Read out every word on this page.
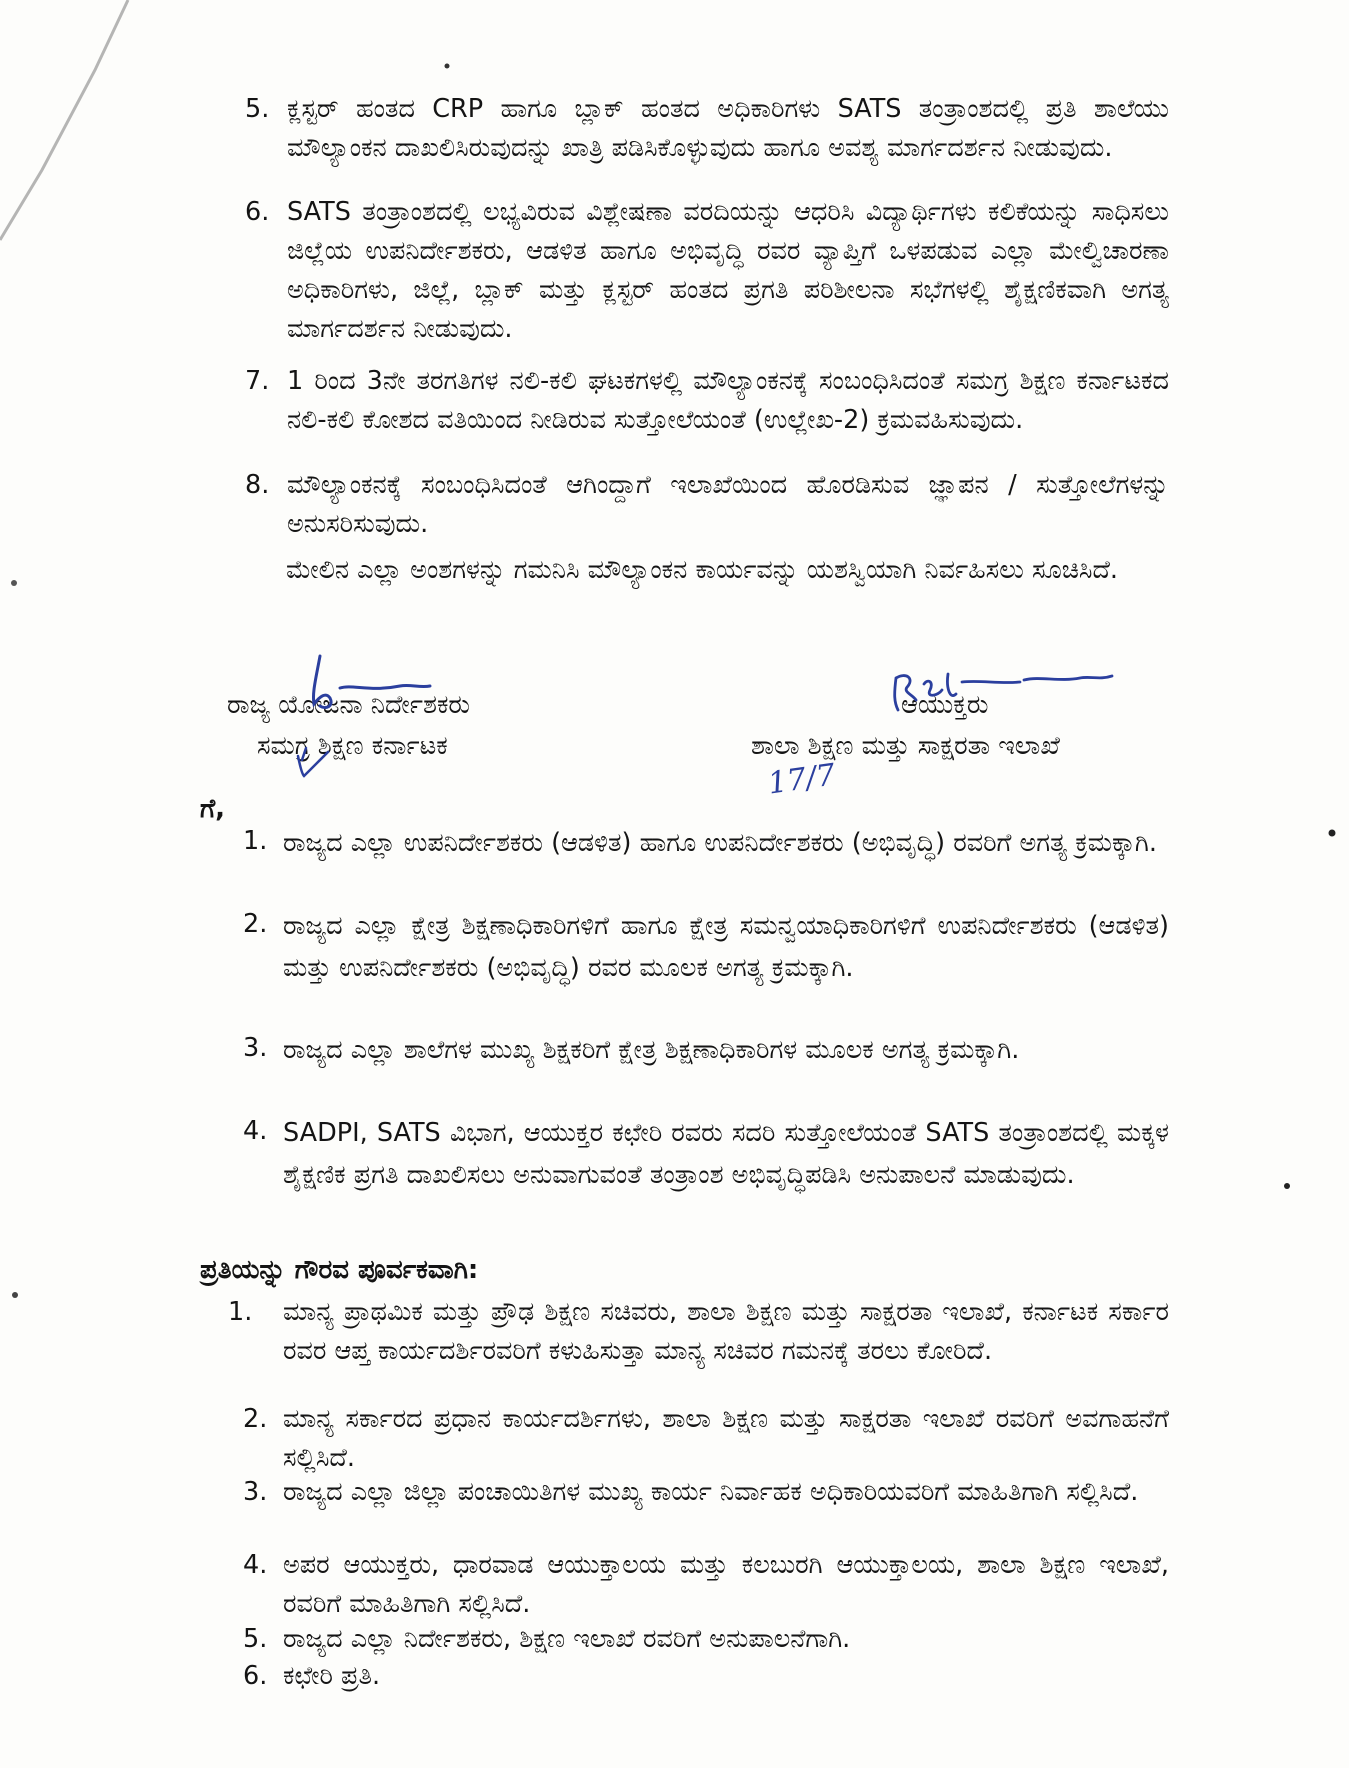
5. ಕ್ಲಸ್ಟರ್ ಹಂತದ CRP ಹಾಗೂ ಬ್ಲಾಕ್ ಹಂತದ ಅಧಿಕಾರಿಗಳು SATS ತಂತ್ರಾಂಶದಲ್ಲಿ ಪ್ರತಿ ಶಾಲೆಯು ಮೌಲ್ಯಾಂಕನ ದಾಖಲಿಸಿರುವುದನ್ನು ಖಾತ್ರಿ ಪಡಿಸಿಕೊಳ್ಳುವುದು ಹಾಗೂ ಅವಶ್ಯ ಮಾರ್ಗದರ್ಶನ ನೀಡುವುದು.
6. SATS ತಂತ್ರಾಂಶದಲ್ಲಿ ಲಭ್ಯವಿರುವ ವಿಶ್ಲೇಷಣಾ ವರದಿಯನ್ನು ಆಧರಿಸಿ ವಿದ್ಯಾರ್ಥಿಗಳು ಕಲಿಕೆಯನ್ನು ಸಾಧಿಸಲು ಜಿಲ್ಲೆಯ ಉಪನಿರ್ದೇಶಕರು, ಆಡಳಿತ ಹಾಗೂ ಅಭಿವೃದ್ಧಿ ರವರ ವ್ಯಾಪ್ತಿಗೆ ಒಳಪಡುವ ಎಲ್ಲಾ ಮೇಲ್ವಿಚಾರಣಾ ಅಧಿಕಾರಿಗಳು, ಜಿಲ್ಲೆ, ಬ್ಲಾಕ್ ಮತ್ತು ಕ್ಲಸ್ಟರ್ ಹಂತದ ಪ್ರಗತಿ ಪರಿಶೀಲನಾ ಸಭೆಗಳಲ್ಲಿ ಶೈಕ್ಷಣಿಕವಾಗಿ ಅಗತ್ಯ ಮಾರ್ಗದರ್ಶನ ನೀಡುವುದು.
7. 1 ರಿಂದ 3ನೇ ತರಗತಿಗಳ ನಲಿ-ಕಲಿ ಘಟಕಗಳಲ್ಲಿ ಮೌಲ್ಯಾಂಕನಕ್ಕೆ ಸಂಬಂಧಿಸಿದಂತೆ ಸಮಗ್ರ ಶಿಕ್ಷಣ ಕರ್ನಾಟಕದ ನಲಿ-ಕಲಿ ಕೋಶದ ವತಿಯಿಂದ ನೀಡಿರುವ ಸುತ್ತೋಲೆಯಂತೆ (ಉಲ್ಲೇಖ-2) ಕ್ರಮವಹಿಸುವುದು.
8. ಮೌಲ್ಯಾಂಕನಕ್ಕೆ ಸಂಬಂಧಿಸಿದಂತೆ ಆಗಿಂದ್ದಾಗೆ ಇಲಾಖೆಯಿಂದ ಹೊರಡಿಸುವ ಜ್ಞಾಪನ / ಸುತ್ತೋಲೆಗಳನ್ನು ಅನುಸರಿಸುವುದು.
ಮೇಲಿನ ಎಲ್ಲಾ ಅಂಶಗಳನ್ನು ಗಮನಿಸಿ ಮೌಲ್ಯಾಂಕನ ಕಾರ್ಯವನ್ನು ಯಶಸ್ವಿಯಾಗಿ ನಿರ್ವಹಿಸಲು ಸೂಚಿಸಿದೆ.
ರಾಜ್ಯ ಯೋಜನಾ ನಿರ್ದೇಶಕರು
ಸಮಗ್ರ ಶಿಕ್ಷಣ ಕರ್ನಾಟಕ
ಆಯುಕ್ತರು
ಶಾಲಾ ಶಿಕ್ಷಣ ಮತ್ತು ಸಾಕ್ಷರತಾ ಇಲಾಖೆ
17/7
ಗೆ,
1. ರಾಜ್ಯದ ಎಲ್ಲಾ ಉಪನಿರ್ದೇಶಕರು (ಆಡಳಿತ) ಹಾಗೂ ಉಪನಿರ್ದೇಶಕರು (ಅಭಿವೃದ್ಧಿ) ರವರಿಗೆ ಅಗತ್ಯ ಕ್ರಮಕ್ಕಾಗಿ.
2. ರಾಜ್ಯದ ಎಲ್ಲಾ ಕ್ಷೇತ್ರ ಶಿಕ್ಷಣಾಧಿಕಾರಿಗಳಿಗೆ ಹಾಗೂ ಕ್ಷೇತ್ರ ಸಮನ್ವಯಾಧಿಕಾರಿಗಳಿಗೆ ಉಪನಿರ್ದೇಶಕರು (ಆಡಳಿತ) ಮತ್ತು ಉಪನಿರ್ದೇಶಕರು (ಅಭಿವೃದ್ಧಿ) ರವರ ಮೂಲಕ ಅಗತ್ಯ ಕ್ರಮಕ್ಕಾಗಿ.
3. ರಾಜ್ಯದ ಎಲ್ಲಾ ಶಾಲೆಗಳ ಮುಖ್ಯ ಶಿಕ್ಷಕರಿಗೆ ಕ್ಷೇತ್ರ ಶಿಕ್ಷಣಾಧಿಕಾರಿಗಳ ಮೂಲಕ ಅಗತ್ಯ ಕ್ರಮಕ್ಕಾಗಿ.
4. SADPI, SATS ವಿಭಾಗ, ಆಯುಕ್ತರ ಕಛೇರಿ ರವರು ಸದರಿ ಸುತ್ತೋಲೆಯಂತೆ SATS ತಂತ್ರಾಂಶದಲ್ಲಿ ಮಕ್ಕಳ ಶೈಕ್ಷಣಿಕ ಪ್ರಗತಿ ದಾಖಲಿಸಲು ಅನುವಾಗುವಂತೆ ತಂತ್ರಾಂಶ ಅಭಿವೃದ್ಧಿಪಡಿಸಿ ಅನುಪಾಲನೆ ಮಾಡುವುದು.
ಪ್ರತಿಯನ್ನು ಗೌರವ ಪೂರ್ವಕವಾಗಿ:
1. ಮಾನ್ಯ ಪ್ರಾಥಮಿಕ ಮತ್ತು ಪ್ರೌಢ ಶಿಕ್ಷಣ ಸಚಿವರು, ಶಾಲಾ ಶಿಕ್ಷಣ ಮತ್ತು ಸಾಕ್ಷರತಾ ಇಲಾಖೆ, ಕರ್ನಾಟಕ ಸರ್ಕಾರ ರವರ ಆಪ್ತ ಕಾರ್ಯದರ್ಶಿರವರಿಗೆ ಕಳುಹಿಸುತ್ತಾ ಮಾನ್ಯ ಸಚಿವರ ಗಮನಕ್ಕೆ ತರಲು ಕೋರಿದೆ.
2. ಮಾನ್ಯ ಸರ್ಕಾರದ ಪ್ರಧಾನ ಕಾರ್ಯದರ್ಶಿಗಳು, ಶಾಲಾ ಶಿಕ್ಷಣ ಮತ್ತು ಸಾಕ್ಷರತಾ ಇಲಾಖೆ ರವರಿಗೆ ಅವಗಾಹನೆಗೆ ಸಲ್ಲಿಸಿದೆ.
3. ರಾಜ್ಯದ ಎಲ್ಲಾ ಜಿಲ್ಲಾ ಪಂಚಾಯಿತಿಗಳ ಮುಖ್ಯ ಕಾರ್ಯ ನಿರ್ವಾಹಕ ಅಧಿಕಾರಿಯವರಿಗೆ ಮಾಹಿತಿಗಾಗಿ ಸಲ್ಲಿಸಿದೆ.
4. ಅಪರ ಆಯುಕ್ತರು, ಧಾರವಾಡ ಆಯುಕ್ತಾಲಯ ಮತ್ತು ಕಲಬುರಗಿ ಆಯುಕ್ತಾಲಯ, ಶಾಲಾ ಶಿಕ್ಷಣ ಇಲಾಖೆ, ರವರಿಗೆ ಮಾಹಿತಿಗಾಗಿ ಸಲ್ಲಿಸಿದೆ.
5. ರಾಜ್ಯದ ಎಲ್ಲಾ ನಿರ್ದೇಶಕರು, ಶಿಕ್ಷಣ ಇಲಾಖೆ ರವರಿಗೆ ಅನುಪಾಲನೆಗಾಗಿ.
6. ಕಛೇರಿ ಪ್ರತಿ.
